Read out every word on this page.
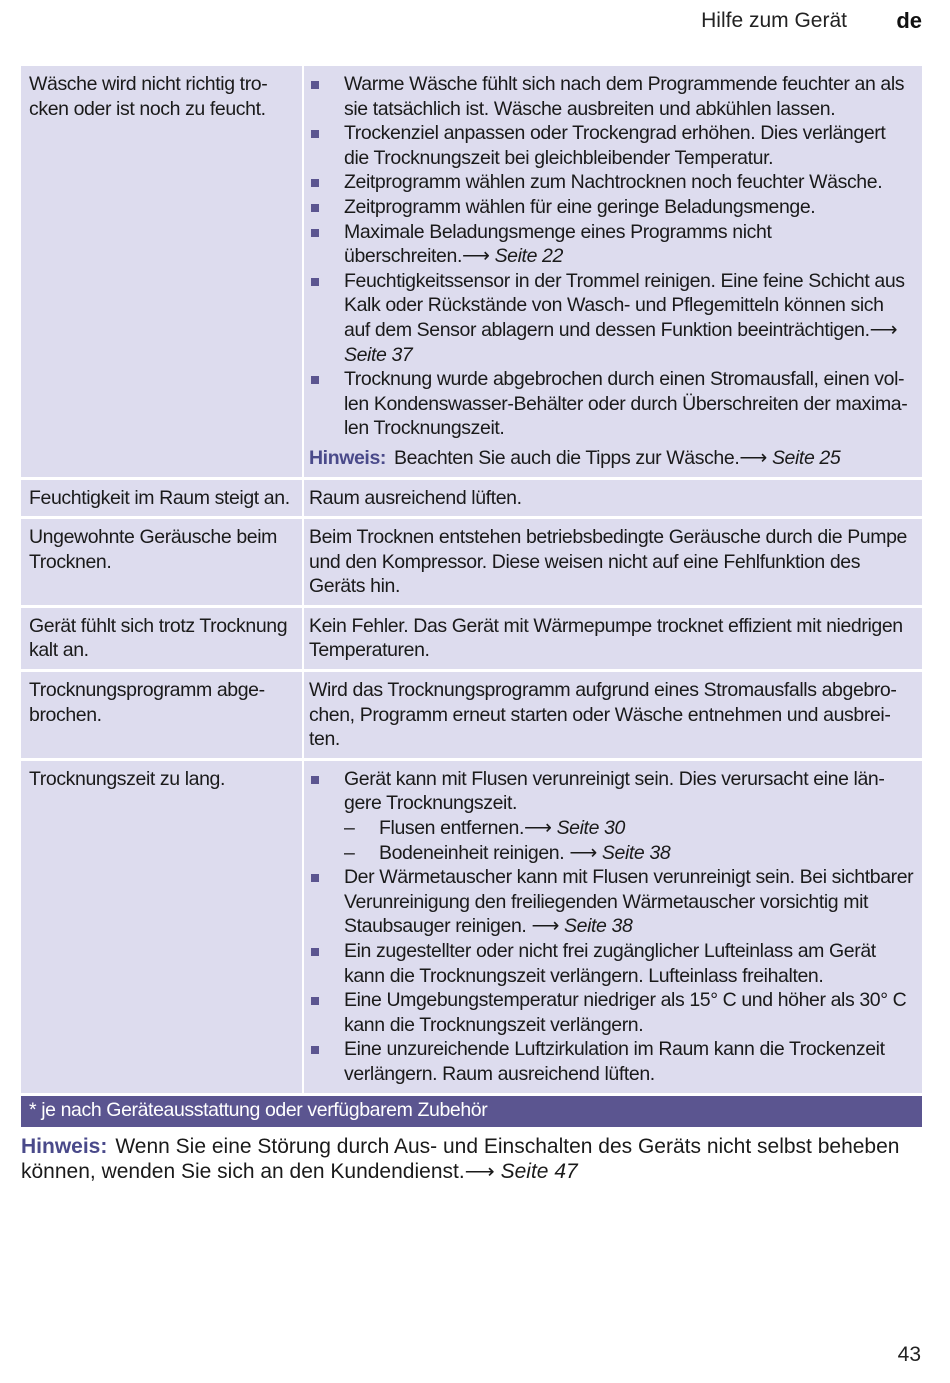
Hilfe zum Gerät de
Wäsche wird nicht richtig trocken oder ist noch zu feucht.
Warme Wäsche fühlt sich nach dem Programmende feuchter an als sie tatsächlich ist. Wäsche ausbreiten und abkühlen lassen.
Trockenziel anpassen oder Trockengrad erhöhen. Dies verlängert die Trocknungszeit bei gleichbleibender Temperatur.
Zeitprogramm wählen zum Nachtrocknen noch feuchter Wäsche.
Zeitprogramm wählen für eine geringe Beladungsmenge.
Maximale Beladungsmenge eines Programms nicht überschreiten.⟶ Seite 22
Feuchtigkeitssensor in der Trommel reinigen. Eine feine Schicht aus Kalk oder Rückstände von Wasch- und Pflegemitteln können sich auf dem Sensor ablagern und dessen Funktion beeinträchtigen.⟶ Seite 37
Trocknung wurde abgebrochen durch einen Stromausfall, einen vollen Kondenswasser-Behälter oder durch Überschreiten der maximalen Trocknungszeit.
Hinweis: Beachten Sie auch die Tipps zur Wäsche.⟶ Seite 25
Feuchtigkeit im Raum steigt an. Raum ausreichend lüften.
Ungewohnte Geräusche beim Trocknen.
Beim Trocknen entstehen betriebsbedingte Geräusche durch die Pumpe und den Kompressor. Diese weisen nicht auf eine Fehlfunktion des Geräts hin.
Gerät fühlt sich trotz Trocknung kalt an.
Kein Fehler. Das Gerät mit Wärmepumpe trocknet effizient mit niedrigen Temperaturen.
Trocknungsprogramm abgebrochen.
Wird das Trocknungsprogramm aufgrund eines Stromausfalls abgebrochen, Programm erneut starten oder Wäsche entnehmen und ausbreiten.
Trocknungszeit zu lang.	Gerät kann mit Flusen verunreinigt sein. Dies verursacht eine längere Trocknungszeit.
– Flusen entfernen.⟶ Seite 30
– Bodeneinheit reinigen. ⟶ Seite 38
Der Wärmetauscher kann mit Flusen verunreinigt sein. Bei sichtbarer Verunreinigung den freiliegenden Wärmetauscher vorsichtig mit Staubsauger reinigen. ⟶ Seite 38
Ein zugestellter oder nicht frei zugänglicher Lufteinlass am Gerät kann die Trocknungszeit verlängern. Lufteinlass freihalten.
Eine Umgebungstemperatur niedriger als 15° C und höher als 30° C kann die Trocknungszeit verlängern.
Eine unzureichende Luftzirkulation im Raum kann die Trockenzeit verlängern. Raum ausreichend lüften.
* je nach Geräteausstattung oder verfügbarem Zubehör
Hinweis: Wenn Sie eine Störung durch Aus- und Einschalten des Geräts nicht selbst beheben können, wenden Sie sich an den Kundendienst.⟶ Seite 47
43
